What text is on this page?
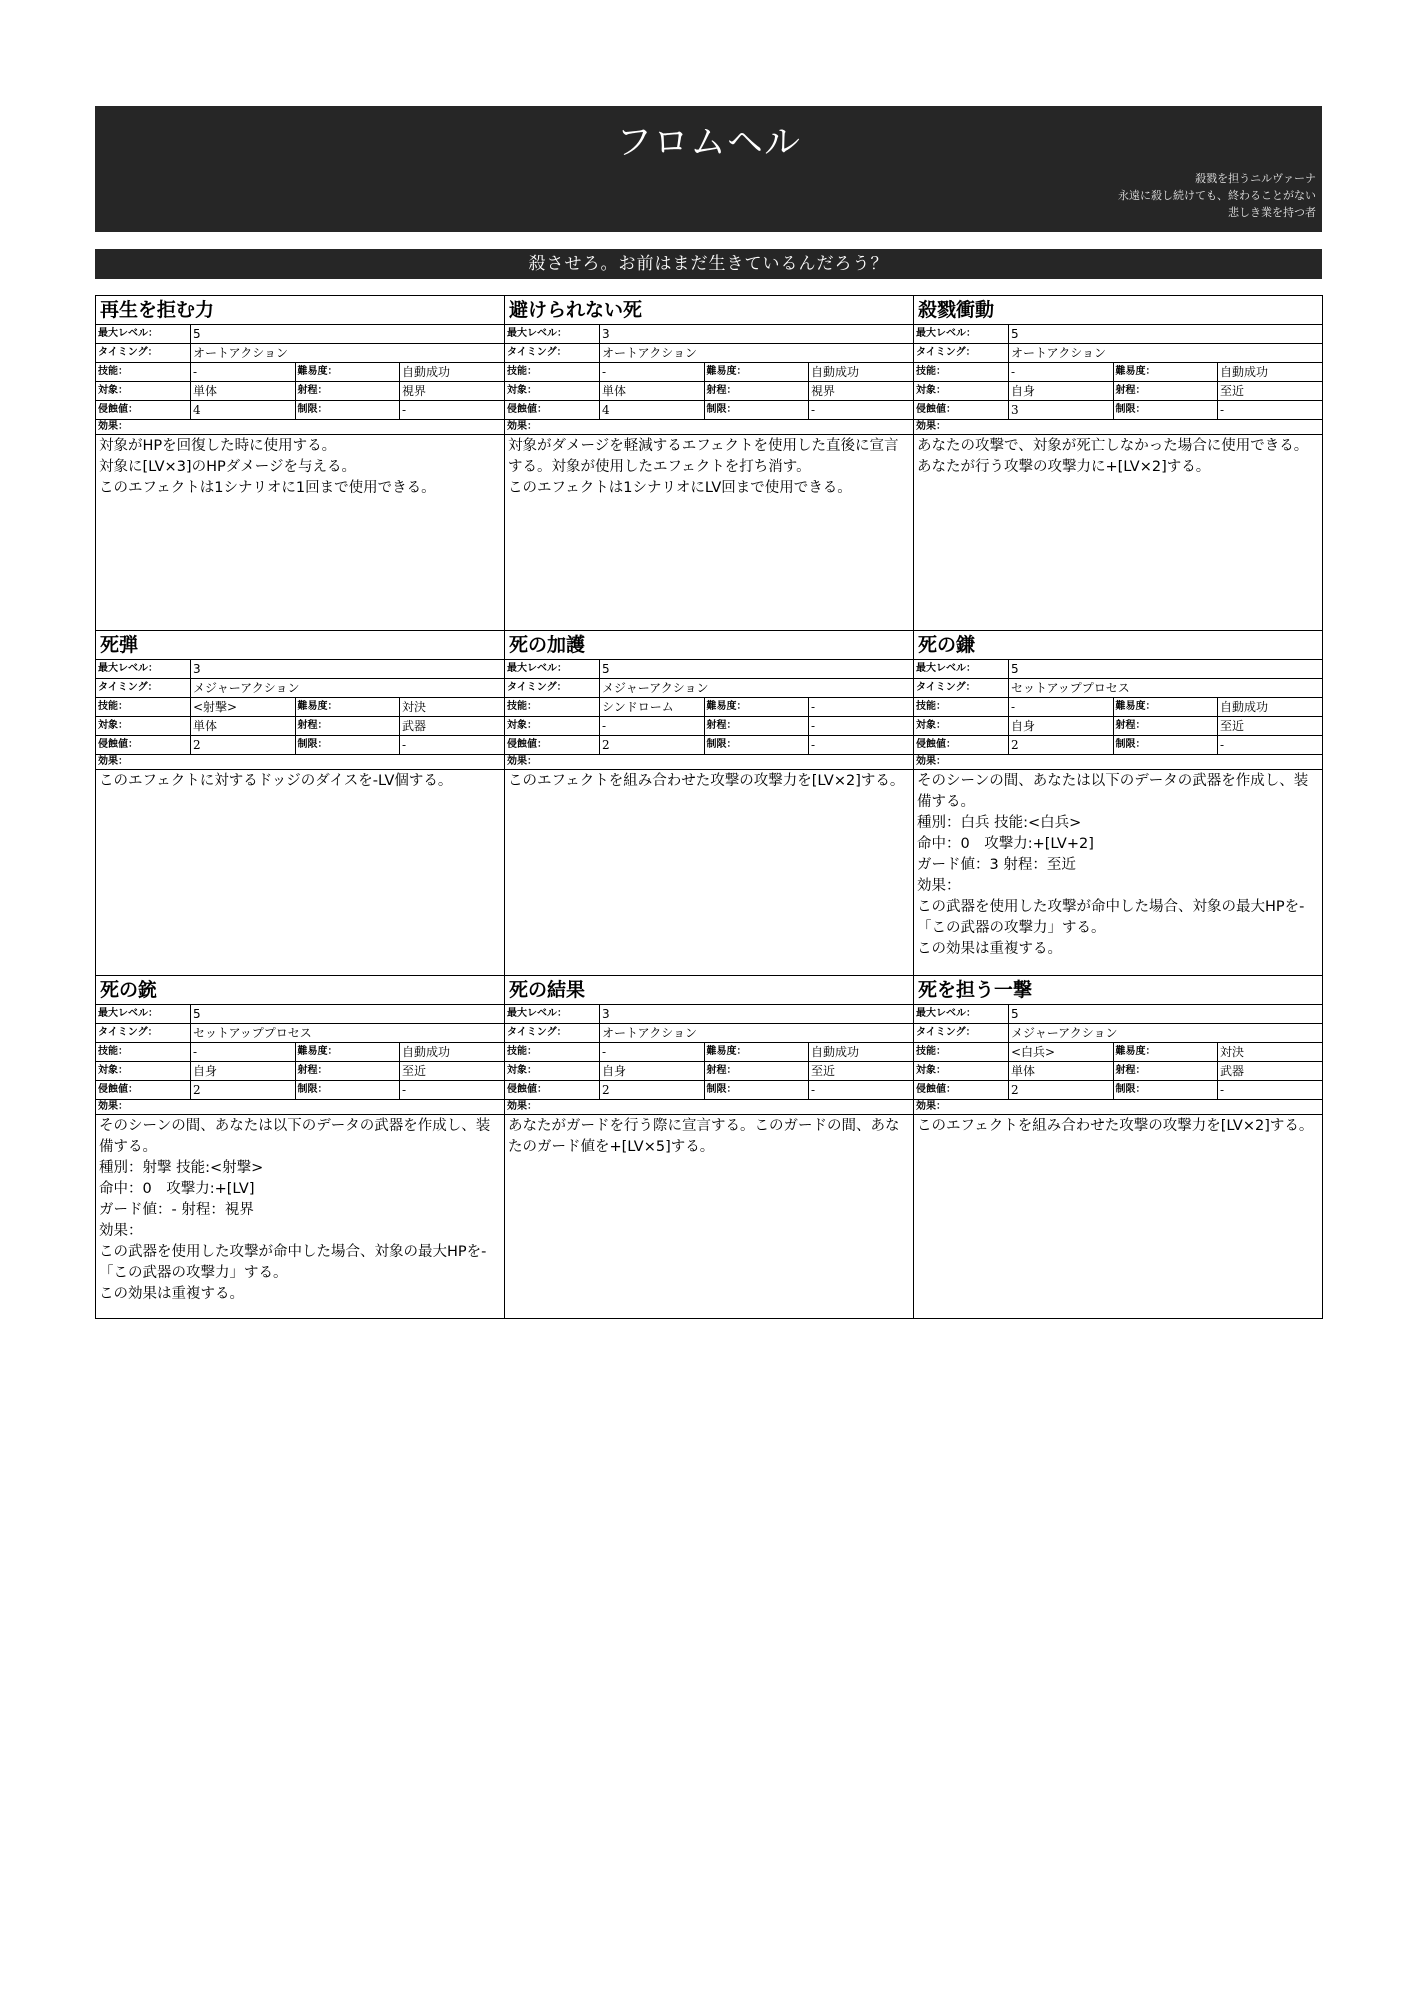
フロムヘル
殺戮を担うニルヴァーナ
永遠に殺し続けても、終わることがない
悲しき業を持つ者
殺させろ。お前はまだ生きているんだろう？
再生を拒む力
最大レベル：	5
タイミング：	オートアクション
技能：	-	難易度：	自動成功
対象：	単体	射程：	視界
侵蝕値：	4	制限：	-
効果：
対象がHPを回復した時に使用する。
対象に[LV×3]のHPダメージを与える。
このエフェクトは1シナリオに1回まで使用できる。

避けられない死
最大レベル：	3
タイミング：	オートアクション
技能：	-	難易度：	自動成功
対象：	単体	射程：	視界
侵蝕値：	4	制限：	-
効果：
対象がダメージを軽減するエフェクトを使用した直後に宣言する。対象が使用したエフェクトを打ち消す。
このエフェクトは1シナリオにLV回まで使用できる。

殺戮衝動
最大レベル：	5
タイミング：	オートアクション
技能：	-	難易度：	自動成功
対象：	自身	射程：	至近
侵蝕値：	3	制限：	-
効果：
あなたの攻撃で、対象が死亡しなかった場合に使用できる。あなたが行う攻撃の攻撃力に+[LV×2]する。

死弾
最大レベル：	3
タイミング：	メジャーアクション
技能：	<射撃>	難易度：	対決
対象：	単体	射程：	武器
侵蝕値：	2	制限：	-
効果：
このエフェクトに対するドッジのダイスを-LV個する。

死の加護
最大レベル：	5
タイミング：	メジャーアクション
技能：	シンドローム	難易度：	-
対象：	-	射程：	-
侵蝕値：	2	制限：	-
効果：
このエフェクトを組み合わせた攻撃の攻撃力を[LV×2]する。

死の鎌
最大レベル：	5
タイミング：	セットアッププロセス
技能：	-	難易度：	自動成功
対象：	自身	射程：	至近
侵蝕値：	2	制限：	-
効果：
そのシーンの間、あなたは以下のデータの武器を作成し、装備する。
種別：白兵 技能:<白兵>
命中：0　攻撃力:+[LV+2]
ガード値：3 射程：至近
効果：
この武器を使用した攻撃が命中した場合、対象の最大HPを-「この武器の攻撃力」する。
この効果は重複する。

死の銃
最大レベル：	5
タイミング：	セットアッププロセス
技能：	-	難易度：	自動成功
対象：	自身	射程：	至近
侵蝕値：	2	制限：	-
効果：
そのシーンの間、あなたは以下のデータの武器を作成し、装備する。
種別：射撃 技能:<射撃>
命中：0　攻撃力:+[LV]
ガード値：- 射程：視界
効果：
この武器を使用した攻撃が命中した場合、対象の最大HPを-「この武器の攻撃力」する。
この効果は重複する。

死の結果
最大レベル：	3
タイミング：	オートアクション
技能：	-	難易度：	自動成功
対象：	自身	射程：	至近
侵蝕値：	2	制限：	-
効果：
あなたがガードを行う際に宣言する。このガードの間、あなたのガード値を+[LV×5]する。

死を担う一撃
最大レベル：	5
タイミング：	メジャーアクション
技能：	<白兵>	難易度：	対決
対象：	単体	射程：	武器
侵蝕値：	2	制限：	-
効果：
このエフェクトを組み合わせた攻撃の攻撃力を[LV×2]する。
